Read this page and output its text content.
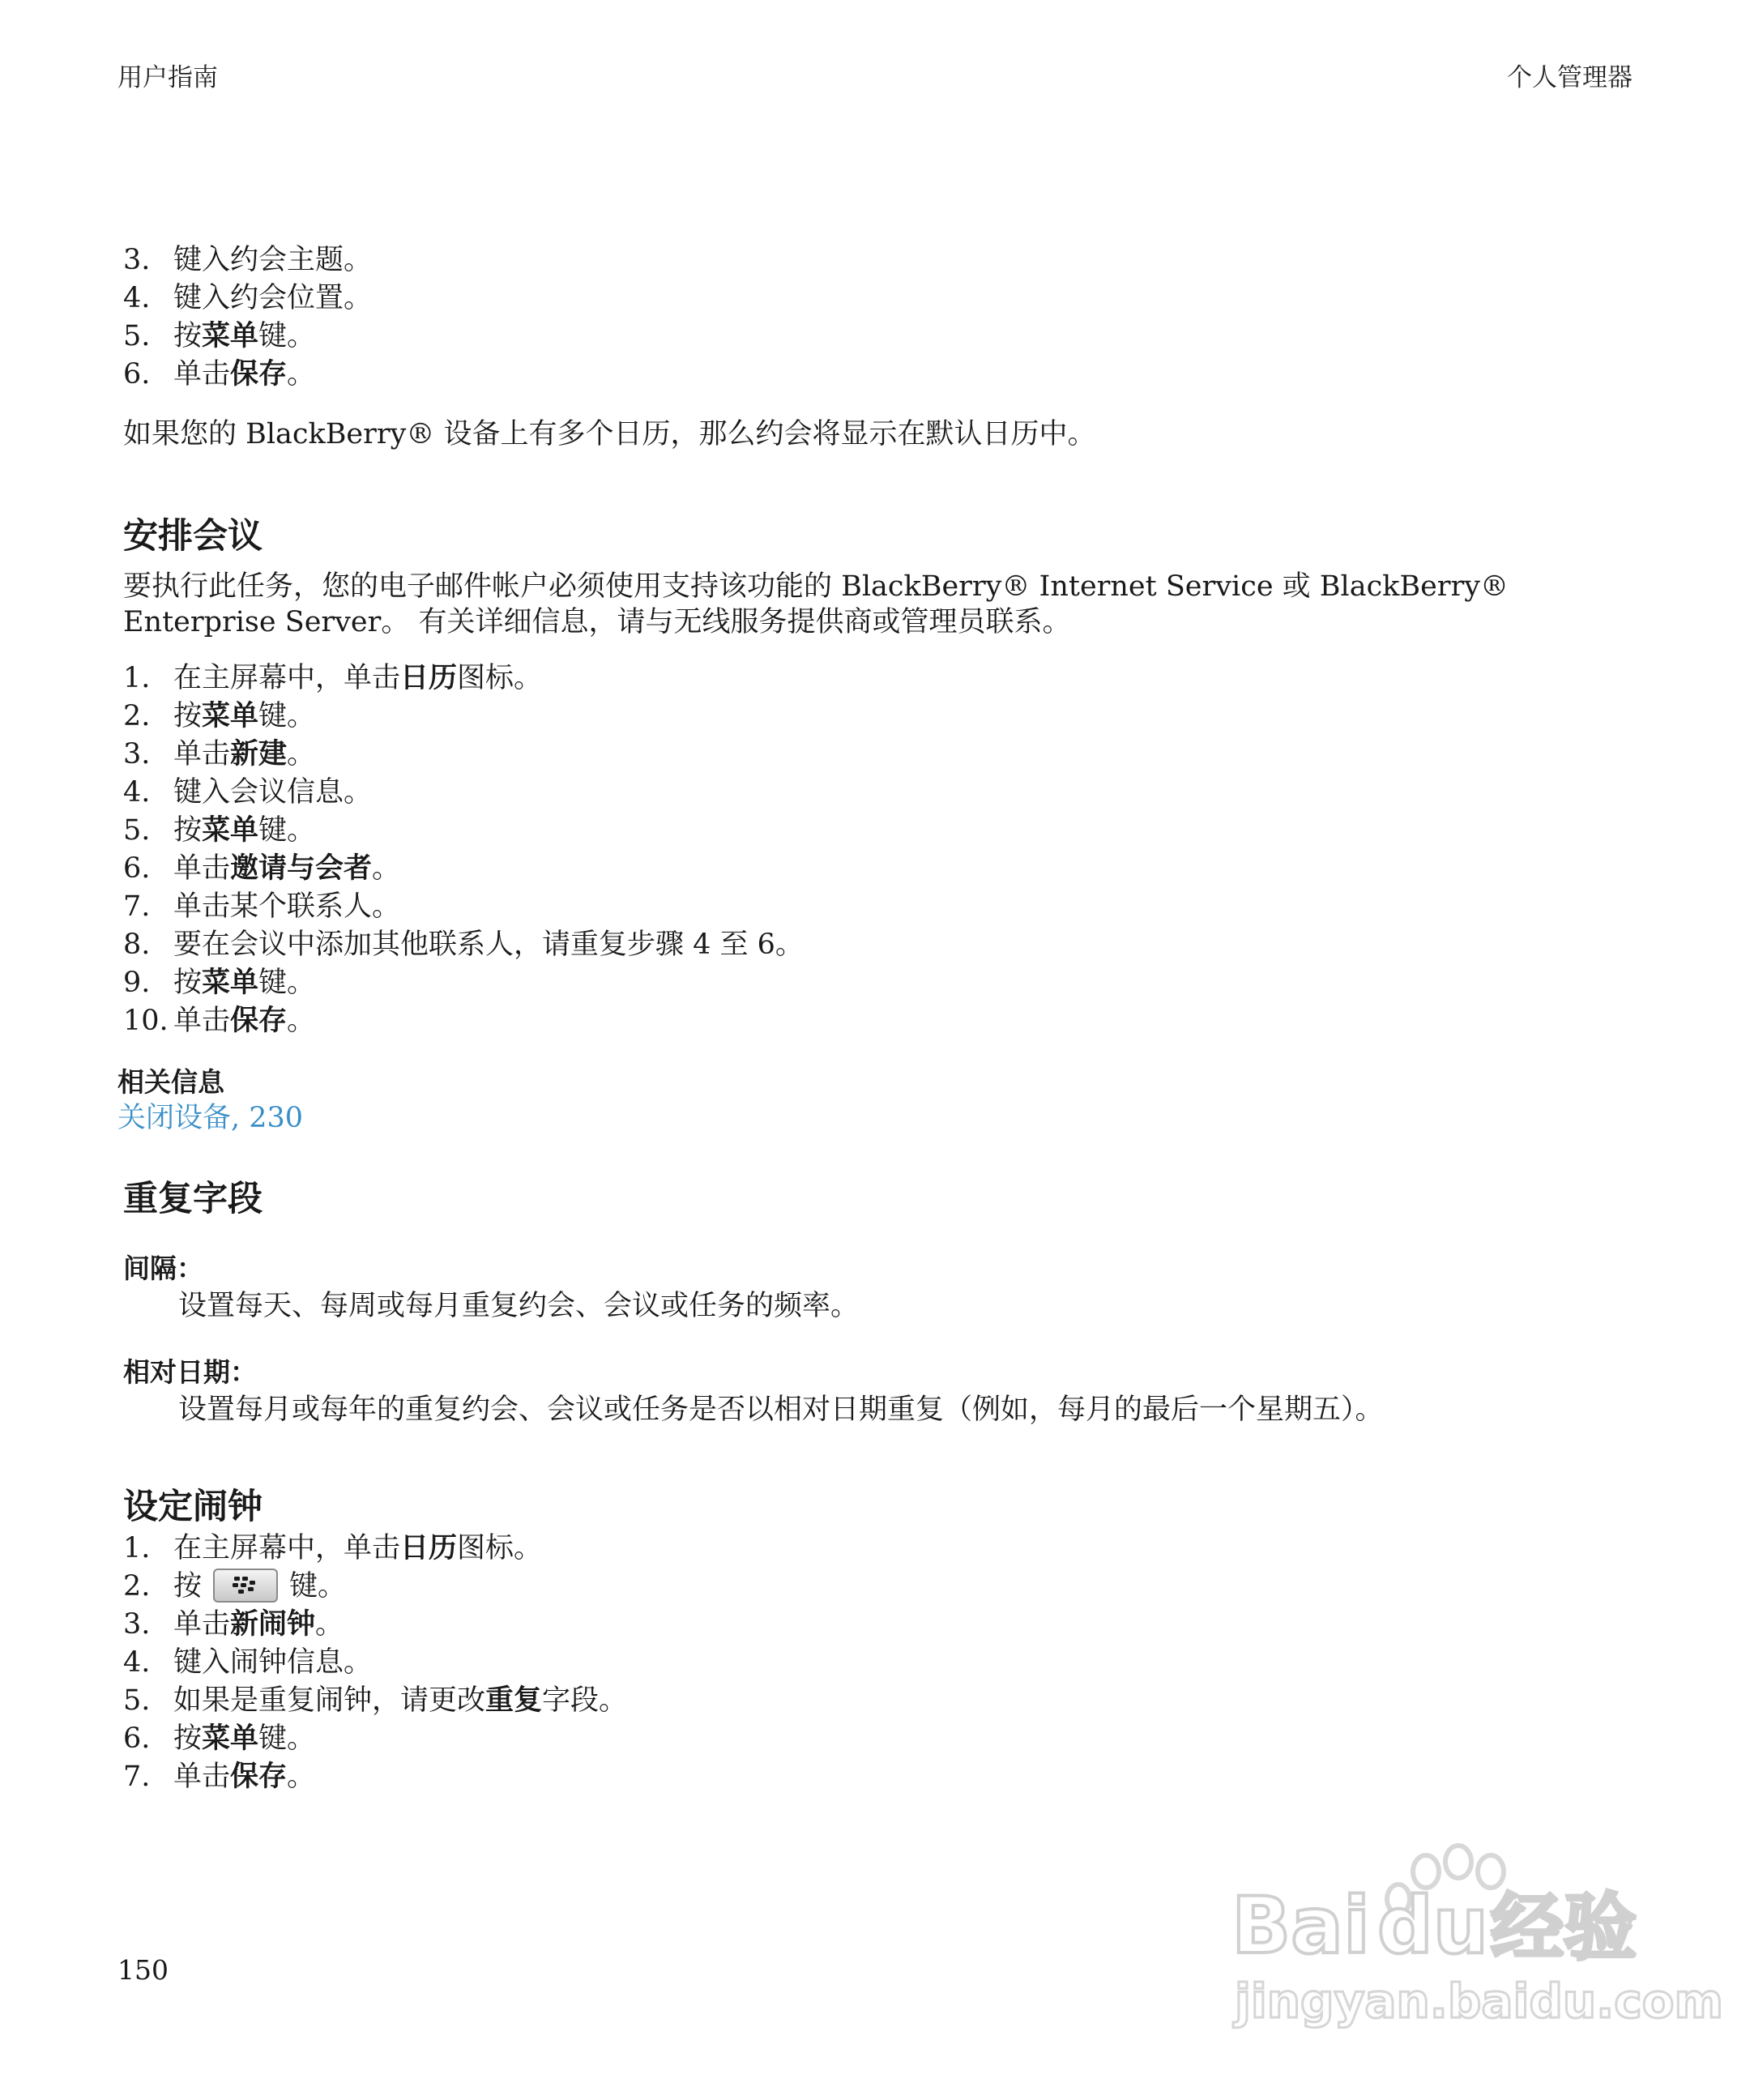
用户指南	个人管理器
3. 键入约会主题。
4. 键入约会位置。
5. 按菜单键。
6. 单击保存。
如果您的 BlackBerry® 设备上有多个日历，那么约会将显示在默认日历中。
安排会议
要执行此任务，您的电子邮件帐户必须使用支持该功能的 BlackBerry® Internet Service 或 BlackBerry® Enterprise Server。 有关详细信息，请与无线服务提供商或管理员联系。
1. 在主屏幕中，单击日历图标。
2. 按菜单键。
3. 单击新建。
4. 键入会议信息。
5. 按菜单键。
6. 单击邀请与会者。
7. 单击某个联系人。
8. 要在会议中添加其他联系人，请重复步骤 4 至 6。
9. 按菜单键。
10. 单击保存。
相关信息
关闭设备, 230
重复字段
间隔：
设置每天、每周或每月重复约会、会议或任务的频率。
相对日期：
设置每月或每年的重复约会、会议或任务是否以相对日期重复（例如，每月的最后一个星期五）。
设定闹钟
1. 在主屏幕中，单击日历图标。
2. 按	键。
3. 单击新闹钟。
4. 键入闹钟信息。
5. 如果是重复闹钟，请更改重复字段。
6. 按菜单键。
7. 单击保存。
150	Bai du 经验
jingyan.baidu.com
